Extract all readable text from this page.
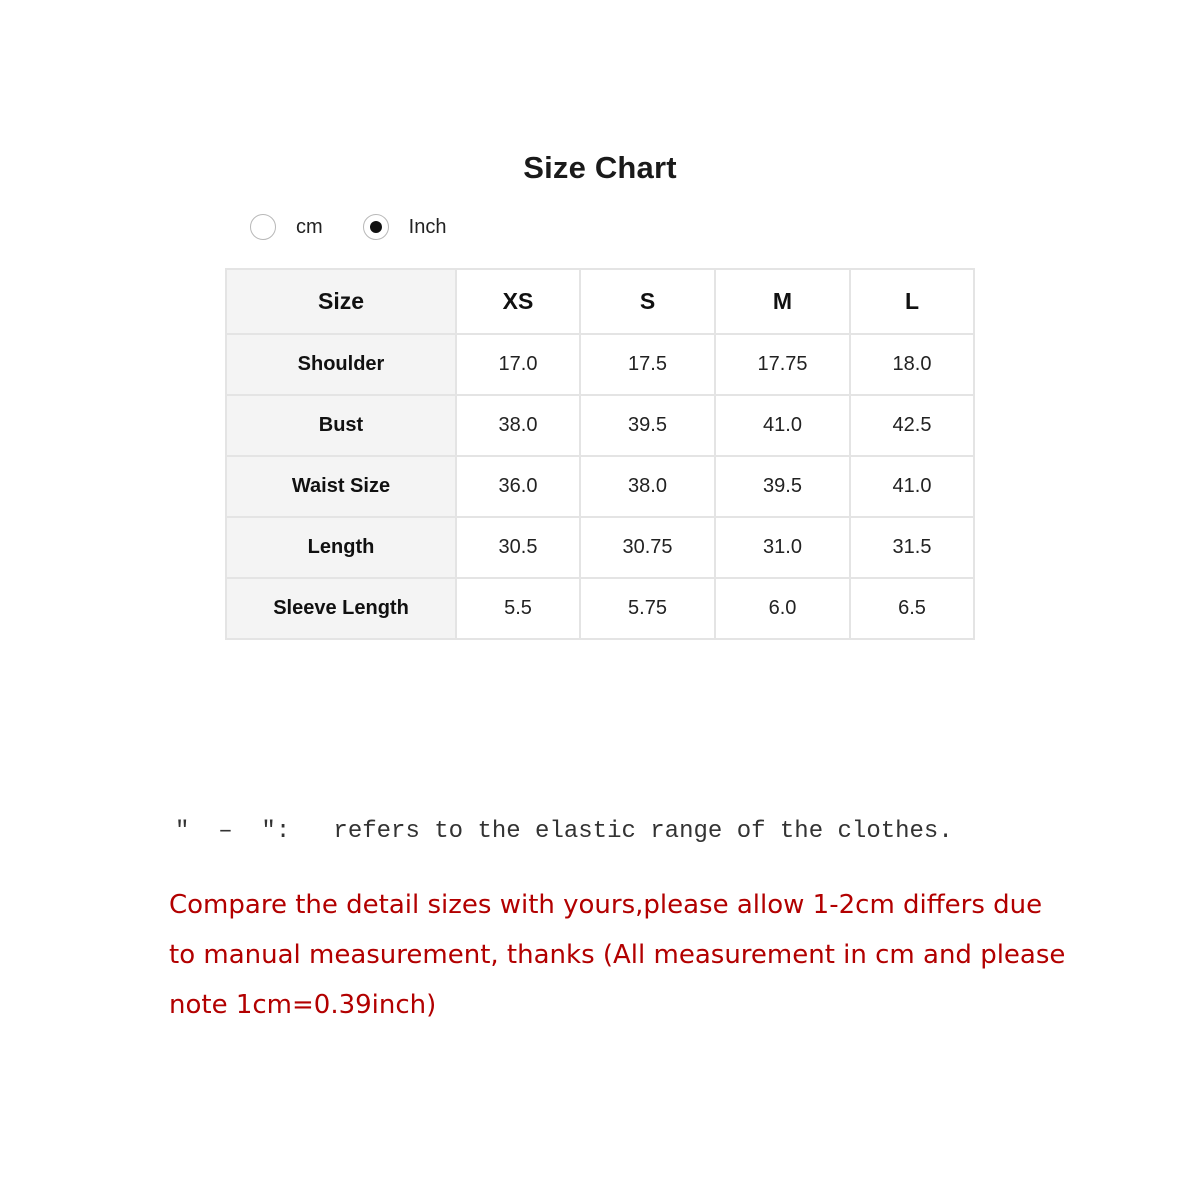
Size Chart
cm	Inch
Size	XS	S	M	L
Shoulder	17.0	17.5	17.75	18.0
Bust	38.0	39.5	41.0	42.5
Waist Size	36.0	38.0	39.5	41.0
Length	30.5	30.75	31.0	31.5
Sleeve Length	5.5	5.75	6.0	6.5
″  –  ″:   refers to the elastic range of the clothes.
Compare the detail sizes with yours,please allow 1-2cm differs due to manual measurement, thanks (All measurement in cm and please note 1cm=0.39inch)
